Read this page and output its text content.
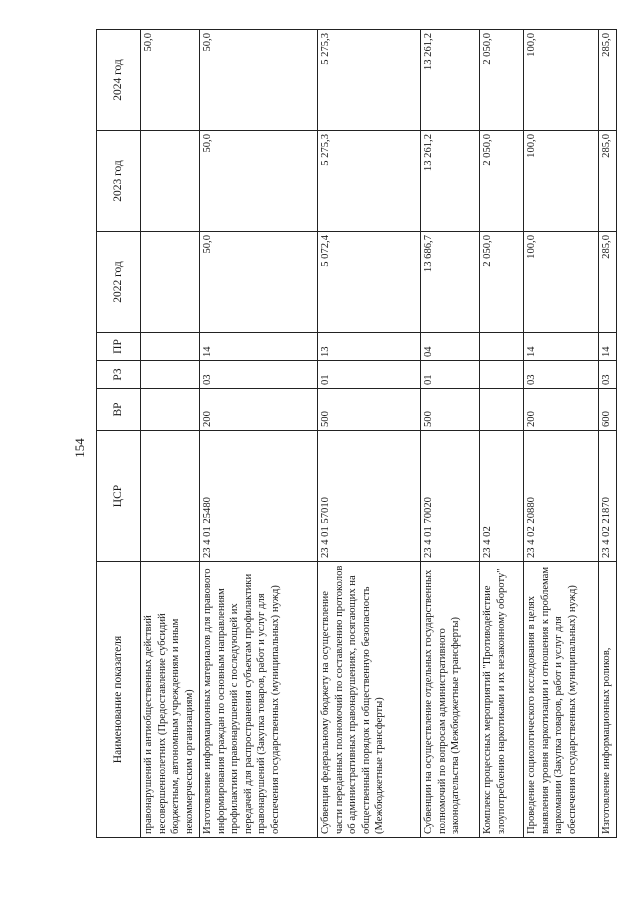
154
Наименование показателя	ЦСР	ВР	РЗ	ПР	2022 год	2023 год	2024 год
правонарушений и антиобщественных действий несовершеннолетних (Предоставление субсидий бюджетным, автономным учреждениям и иным некоммерческим организациям)							50,0
Изготовление информационных материалов для правового информирования граждан по основным направлениям профилактики правонарушений с последующей их передачей для распространения субъектам профилактики правонарушений (Закупка товаров, работ и услуг для обеспечения государственных (муниципальных) нужд)	23 4 01 25480	200	03	14	50,0	50,0	50,0
Субвенция федеральному бюджету на осуществление части переданных полномочий по составлению протоколов об административных правонарушениях, посягающих на общественный порядок и общественную безопасность (Межбюджетные трансферты)	23 4 01 57010	500	01	13	5 072,4	5 275,3	5 275,3
Субвенции на осуществление отдельных государственных полномочий по вопросам административного законодательства (Межбюджетные трансферты)	23 4 01 70020	500	01	04	13 686,7	13 261,2	13 261,2
Комплекс процессных мероприятий "Противодействие злоупотреблению наркотиками и их незаконному обороту"	23 4 02				2 050,0	2 050,0	2 050,0
Проведение социологического исследования в целях выявления уровня наркотизации и отношения к проблемам наркомании (Закупка товаров, работ и услуг для обеспечения государственных (муниципальных) нужд)	23 4 02 20880	200	03	14	100,0	100,0	100,0
Изготовление информационных роликов,	23 4 02 21870	600	03	14	285,0	285,0	285,0
